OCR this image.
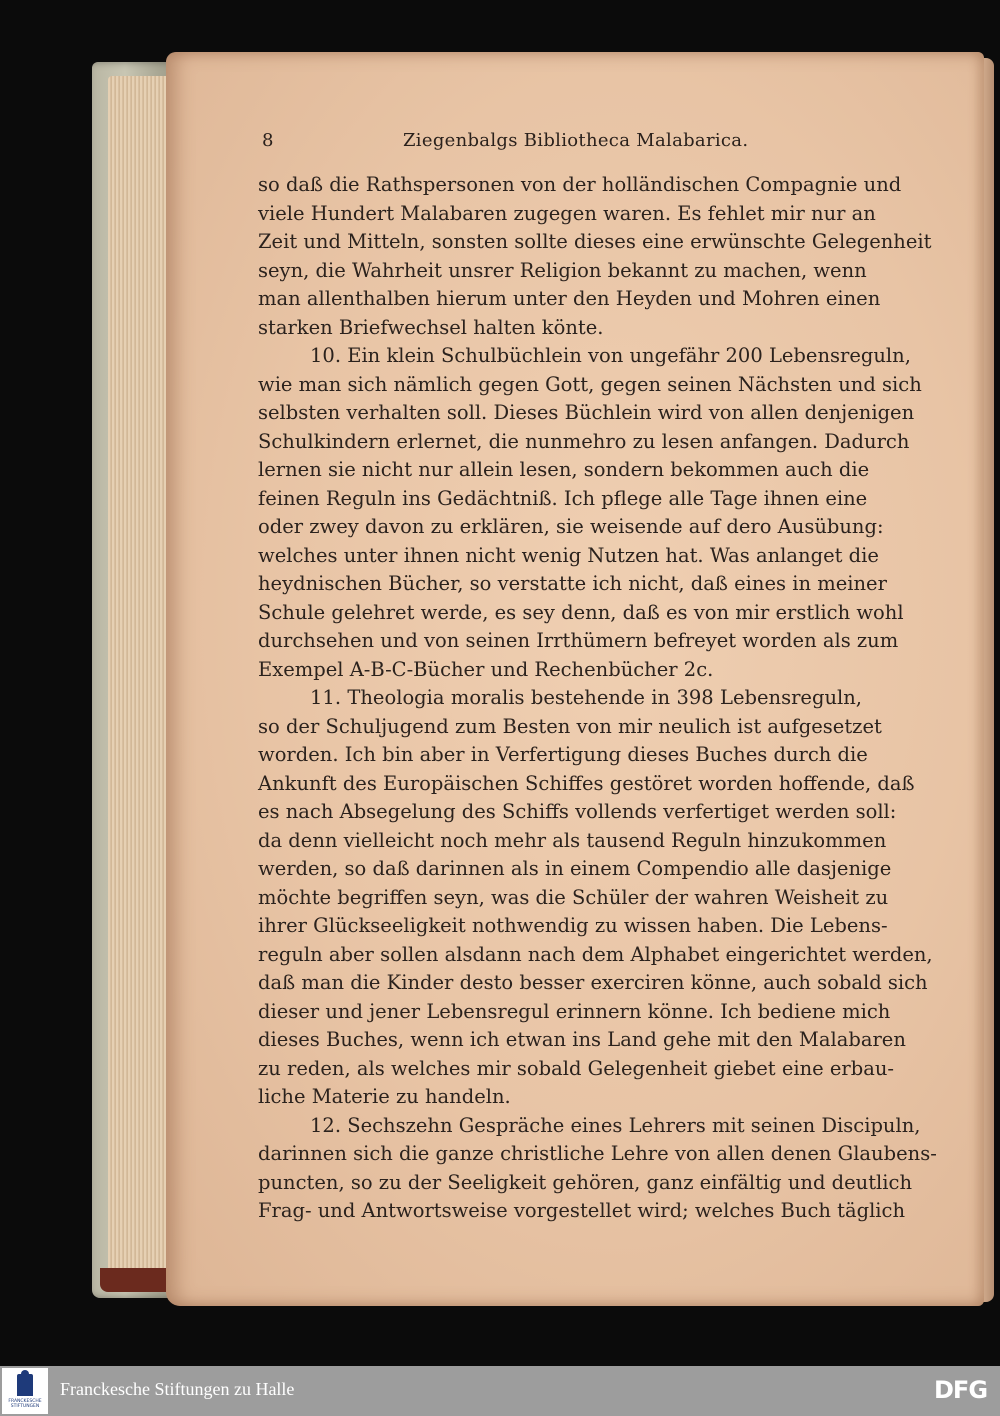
8	Ziegenbalgs Bibliotheca Malabarica.
so daß die Rathspersonen von der holländischen Compagnie und
viele Hundert Malabaren zugegen waren. Es fehlet mir nur an
Zeit und Mitteln, sonsten sollte dieses eine erwünschte Gelegenheit
seyn, die Wahrheit unsrer Religion bekannt zu machen, wenn
man allenthalben hierum unter den Heyden und Mohren einen
starken Briefwechsel halten könte.
10. Ein klein Schulbüchlein von ungefähr 200 Lebensreguln,
wie man sich nämlich gegen Gott, gegen seinen Nächsten und sich
selbsten verhalten soll. Dieses Büchlein wird von allen denjenigen
Schulkindern erlernet, die nunmehro zu lesen anfangen. Dadurch
lernen sie nicht nur allein lesen, sondern bekommen auch die
feinen Reguln ins Gedächtniß. Ich pflege alle Tage ihnen eine
oder zwey davon zu erklären, sie weisende auf dero Ausübung:
welches unter ihnen nicht wenig Nutzen hat. Was anlanget die
heydnischen Bücher, so verstatte ich nicht, daß eines in meiner
Schule gelehret werde, es sey denn, daß es von mir erstlich wohl
durchsehen und von seinen Irrthümern befreyet worden als zum
Exempel A-B-C-Bücher und Rechenbücher 2c.
11. Theologia moralis bestehende in 398 Lebensreguln,
so der Schuljugend zum Besten von mir neulich ist aufgesetzet
worden. Ich bin aber in Verfertigung dieses Buches durch die
Ankunft des Europäischen Schiffes gestöret worden hoffende, daß
es nach Absegelung des Schiffs vollends verfertiget werden soll:
da denn vielleicht noch mehr als tausend Reguln hinzukommen
werden, so daß darinnen als in einem Compendio alle dasjenige
möchte begriffen seyn, was die Schüler der wahren Weisheit zu
ihrer Glückseeligkeit nothwendig zu wissen haben. Die Lebens-
reguln aber sollen alsdann nach dem Alphabet eingerichtet werden,
daß man die Kinder desto besser exerciren könne, auch sobald sich
dieser und jener Lebensregul erinnern könne. Ich bediene mich
dieses Buches, wenn ich etwan ins Land gehe mit den Malabaren
zu reden, als welches mir sobald Gelegenheit giebet eine erbau-
liche Materie zu handeln.
12. Sechszehn Gespräche eines Lehrers mit seinen Discipuln,
darinnen sich die ganze christliche Lehre von allen denen Glaubens-
puncten, so zu der Seeligkeit gehören, ganz einfältig und deutlich
Frag- und Antwortsweise vorgestellet wird; welches Buch täglich
FRANCKESCHE STIFTUNGEN
Franckesche Stiftungen zu Halle	DFG
